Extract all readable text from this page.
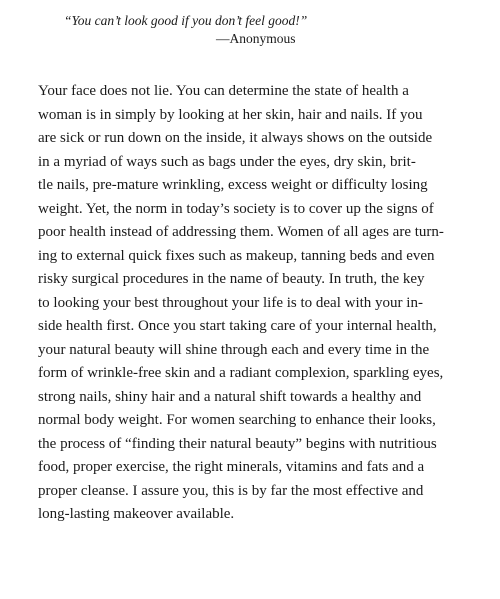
“You can’t look good if you don’t feel good!”
—Anonymous
Your face does not lie. You can determine the state of health a
woman is in simply by looking at her skin, hair and nails. If you
are sick or run down on the inside, it always shows on the outside
in a myriad of ways such as bags under the eyes, dry skin, brit-
tle nails, pre-mature wrinkling, excess weight or difficulty losing
weight. Yet, the norm in today’s society is to cover up the signs of
poor health instead of addressing them. Women of all ages are turn-
ing to external quick fixes such as makeup, tanning beds and even
risky surgical procedures in the name of beauty. In truth, the key
to looking your best throughout your life is to deal with your in-
side health first. Once you start taking care of your internal health,
your natural beauty will shine through each and every time in the
form of wrinkle-free skin and a radiant complexion, sparkling eyes,
strong nails, shiny hair and a natural shift towards a healthy and
normal body weight. For women searching to enhance their looks,
the process of “finding their natural beauty” begins with nutritious
food, proper exercise, the right minerals, vitamins and fats and a
proper cleanse. I assure you, this is by far the most effective and
long-lasting makeover available.
